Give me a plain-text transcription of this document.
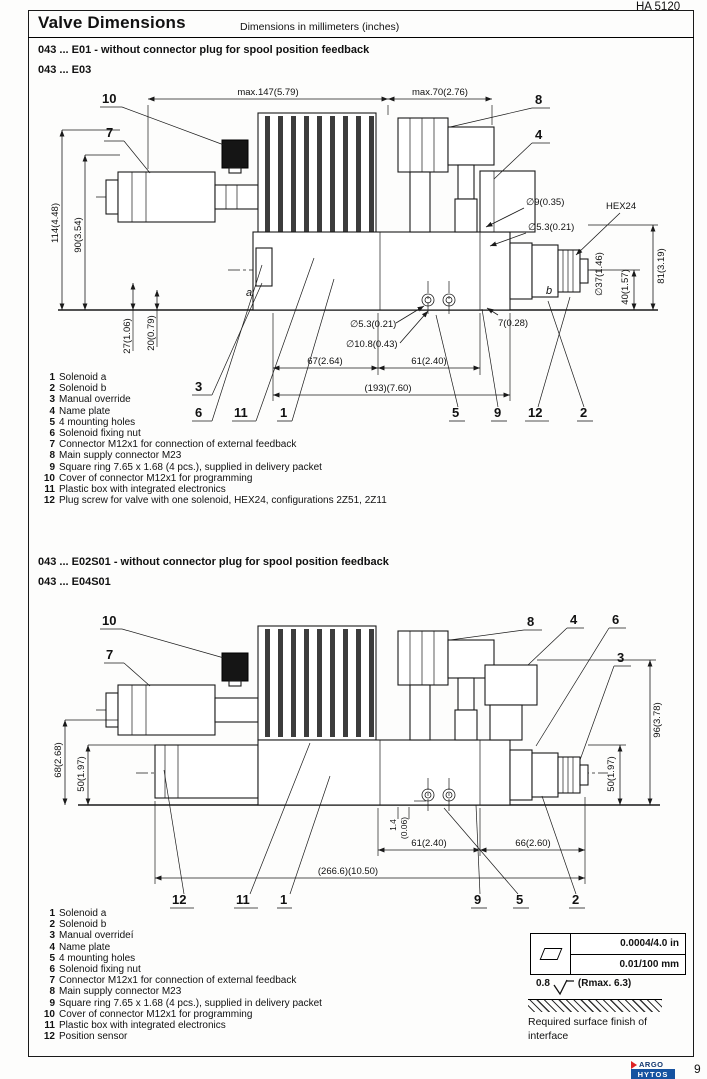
HA 5120
Valve Dimensions	Dimensions in millimeters (inches)
043 ... E01 - without connector plug for spool position feedback
043 ... E03
max.147(5.79)	max.70(2.76)
114(4.48) 90(3.54)
27(1.06) 20(0.79)
∅9(0.35)	HEX24
∅5.3(0.21)
81(3.19)
∅37(1.46) 40(1.57)
a	b
7(0.28)
∅5.3(0.21)
∅10.8(0.43)
67(2.64)	61(2.40)
(193)(7.60)
10
7
8
4
3
6 11 1	5	9 12	2
1 Solenoid a
2 Solenoid b
3 Manual override
4 Name plate
5 4 mounting holes
6 Solenoid fixing nut
7 Connector M12x1 for connection of external feedback
8 Main supply connector M23
9 Square ring 7.65 x 1.68 (4 pcs.), supplied in delivery packet
10 Cover of connector M12x1 for programming
11 Plastic box with integrated electronics
12 Plug screw for valve with one solenoid, HEX24, configurations 2Z51, 2Z11
043 ... E02S01 - without connector plug for spool position feedback
043 ... E04S01
10
7
8	4	6
3
96(3.78)
68(2.68) 50(1.97)	50(1.97)
1.4 (0.06)
61(2.40)	66(2.60)
(266.6)(10.50)
12	11 1	9	5	2
1 Solenoid a
2 Solenoid b
3 Manual overrideí
4 Name plate
5 4 mounting holes
6 Solenoid fixing nut
7 Connector M12x1 for connection of external feedback
8 Main supply connector M23
9 Square ring 7.65 x 1.68 (4 pcs.), supplied in delivery packet
10 Cover of connector M12x1 for programming
11 Plastic box with integrated electronics
12 Position sensor
0.0004/4.0 in
0.01/100 mm
0.8	(Rmax. 6.3)
Required surface finish of
interface
ARGO
HYTOS	9
